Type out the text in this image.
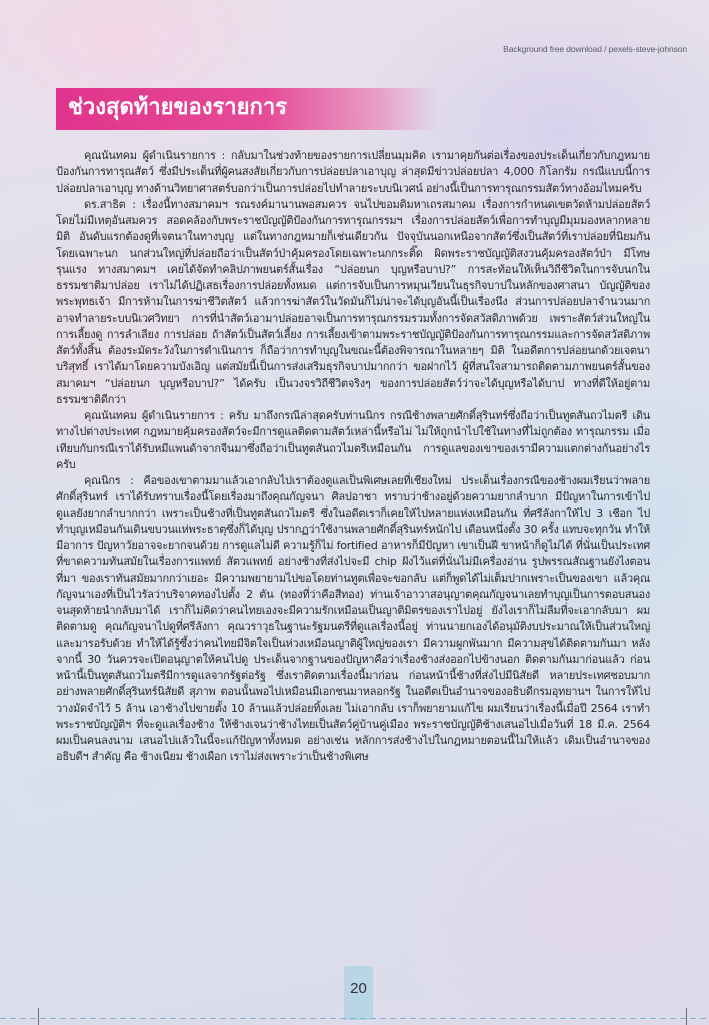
Background free download / pexels-steve-johnson
ช่วงสุดท้ายของรายการ

คุณนันทคม ผู้ดำเนินรายการ : กลับมาในช่วงท้ายของรายการเปลี่ยนมุมคิด เรามาคุยกันต่อเรื่องของประเด็นเกี่ยวกับกฎหมายป้องกันการทารุณสัตว์ ซึ่งมีประเด็นที่ผู้คนสงสัยเกี่ยวกับการปล่อยปลาเอาบุญ ล่าสุดมีข่าวปล่อยปลา 4,000 กิโลกรัม กรณีแบบนี้การปล่อยปลาเอาบุญ ทางด้านวิทยาศาสตร์บอกว่าเป็นการปล่อยไปทำลายระบบนิเวศน์ อย่างนี้เป็นการทารุณกรรมสัตว์ทางอ้อมไหมครับ

ดร.สาธิต : เรื่องนี้ทางสมาคมฯ รณรงค์มานานพอสมควร จนไปขอมติมหาเถรสมาคม เรื่องการกำหนดเขตวัดห้ามปล่อยสัตว์โดยไม่มีเหตุอันสมควร สอดคล้องกับพระราชบัญญัติป้องกันการทารุณกรรมฯ เรื่องการปล่อยสัตว์เพื่อการทำบุญมีมุมมองหลากหลายมิติ อันดับแรกต้องดูที่เจตนาในทางบุญ แต่ในทางกฎหมายก็เช่นเดียวกัน ปัจจุบันนอกเหนือจากสัตว์ซึ่งเป็นสัตว์ที่เราปล่อยที่นิยมกันโดยเฉพาะนก นกส่วนใหญ่ที่ปล่อยถือว่าเป็นสัตว์ป่าคุ้มครองโดยเฉพาะนกกระติ๊ด ผิดพระราชบัญญัติสงวนคุ้มครองสัตว์ป่า มีโทษรุนแรง ทางสมาคมฯ เคยได้จัดทำคลิปภาพยนตร์สั้นเรื่อง “ปล่อยนก บุญหรือบาป?” การสะท้อนให้เห็นวิถีชีวิตในการจับนกในธรรมชาติมาปล่อย เราไม่ได้ปฏิเสธเรื่องการปล่อยทั้งหมด แต่การจับเป็นการหมุนเวียนในธุรกิจบาปในหลักของศาสนา บัญญัติของพระพุทธเจ้า มีการห้ามในการฆ่าชีวิตสัตว์ แล้วการฆ่าสัตว์ในวัดมันก็ไม่น่าจะได้บุญอันนี้เป็นเรื่องนึง ส่วนการปล่อยปลาจำนวนมากอาจทำลายระบบนิเวศวิทยา การที่นำสัตว์เอามาปล่อยอาจเป็นการทารุณกรรมรวมทั้งการจัดสวัสดิภาพด้วย เพราะสัตว์ส่วนใหญ่ในการเลี้ยงดู การลำเลียง การปล่อย ถ้าสัตว์เป็นสัตว์เลี้ยง การเลี้ยงเข้าตามพระราชบัญญัติป้องกันการทารุณกรรมและการจัดสวัสดิภาพสัตว์ทั้งสิ้น ต้องระมัดระวังในการดำเนินการ ก็ถือว่าการทำบุญในขณะนี้ต้องพิจารณาในหลายๆ มิติ ในอดีตการปล่อยนกด้วยเจตนาบริสุทธิ์ เราได้มาโดยความบังเอิญ แต่สมัยนี้เป็นการส่งเสริมธุรกิจบาปมากกว่า ขอฝากไว้ ผู้ที่สนใจสามารถติดตามภาพยนตร์สั้นของสมาคมฯ “ปล่อยนก บุญหรือบาป?” ได้ครับ เป็นวงจรวิถีชีวิตจริงๆ ของการปล่อยสัตว์ว่าจะได้บุญหรือได้บาป ทางที่ดีให้อยู่ตามธรรมชาติดีกว่า

คุณนันทคม ผู้ดำเนินรายการ : ครับ มาถึงกรณีล่าสุดครับท่านนิกร กรณีช้างพลายศักดิ์สุรินทร์ซึ่งถือว่าเป็นทูตสันถวไมตรี เดินทางไปต่างประเทศ กฎหมายคุ้มครองสัตว์จะมีการดูแลติดตามสัตว์เหล่านี้หรือไม่ ไม่ให้ถูกนำไปใช้ในทางที่ไม่ถูกต้อง ทารุณกรรม เมื่อเทียบกับกรณีเราได้รับหมีแพนด้าจากจีนมาซึ่งถือว่าเป็นทูตสันถวไมตรีเหมือนกัน การดูแลของเขาของเรามีความแตกต่างกันอย่างไรครับ

คุณนิกร : คือของเขาตามมาแล้วเอากลับไปเราต้องดูแลเป็นพิเศษเลยที่เชียงใหม่ ประเด็นเรื่องกรณีของช้างผมเรียนว่าพลายศักดิ์สุรินทร์ เราได้รับทราบเรื่องนี้โดยเรื่องมาถึงคุณกัญจนา ศิลปอาชา ทราบว่าช้างอยู่ด้วยความยากลำบาก มีปัญหาในการเข้าไปดูแลยังยากลำบากกว่า เพราะเป็นช้างที่เป็นทูตสันถวไมตรี ซึ่งในอดีตเราก็เคยให้ไปหลายแห่งเหมือนกัน ที่ศรีลังกาให้ไป 3 เชือก ไปทำบุญเหมือนกันเดินขบวนแห่พระธาตุซึ่งก็ได้บุญ ปรากฏว่าใช้งานพลายศักดิ์สุรินทร์หนักไป เดือนหนึ่งตั้ง 30 ครั้ง แทบจะทุกวัน ทำให้มีอาการ ปัญหาวัยอาจจะยากจนด้วย การดูแลไม่ดี ความรู้ก็ไม่ fortified อาหารก็มีปัญหา เขาเป็นฝี ขาหน้าก็ดูไม่ได้ ที่นั่นเป็นประเทศที่ขาดความทันสมัยในเรื่องการแพทย์ สัตวแพทย์ อย่างช้างที่ส่งไปจะมี chip ฝังไว้แต่ที่นั่นไม่มีเครื่องอ่าน รูปพรรณสัณฐานยังไงตอนที่มา ของเราทันสมัยมากกว่าเยอะ มีความพยายามไปขอโดยท่านทูตเพื่อจะขอกลับ แต่ก็พูดได้ไม่เต็มปากเพราะเป็นของเขา แล้วคุณกัญจนาเองที่เป็นไวรัลว่าบริจาคทองไปตั้ง 2 ตัน (ทองที่ว่าคือสีทอง) ท่านเจ้าอาวาสอนุญาตคุณกัญจนาเลยทำบุญเป็นการตอบสนอง จนสุดท้ายนำกลับมาได้ เราก็ไม่คิดว่าคนไทยเองจะมีความรักเหมือนเป็นญาติมิตรของเราไปอยู่ ยังไงเราก็ไม่ลืมที่จะเอากลับมา ผมติดตามดู คุณกัญจนาไปดูที่ศรีลังกา คุณวราวุธในฐานะรัฐมนตรีที่ดูแลเรื่องนี้อยู่ ท่านนายกเองได้อนุมัติงบประมาณให้เป็นส่วนใหญ่และมารอรับด้วย ทำให้ได้รู้ซึ้งว่าคนไทยมีจิตใจเป็นห่วงเหมือนญาติผู้ใหญ่ของเรา มีความผูกพันมาก มีความสุขได้ติดตามกันมา หลังจากนี้ 30 วันควรจะเปิดอนุญาตให้คนไปดู ประเด็นจากฐานของปัญหาคือว่าเรื่องช้างส่งออกไปข้างนอก ติดตามกันมาก่อนแล้ว ก่อนหน้านี้เป็นทูตสันถวไมตรีมีการดูแลจากรัฐต่อรัฐ ซึ่งเราติดตามเรื่องนี้มาก่อน ก่อนหน้านี้ช้างที่ส่งไปมีนิสัยดี หลายประเทศชอบมากอย่างพลายศักดิ์สุรินทร์นิสัยดี สุภาพ ตอนนั้นพอไปเหมือนมีเอกชนมาหลอกรัฐ ในอดีตเป็นอำนาจของอธิบดีกรมอุทยานฯ ในการให้ไป วางมัดจำไว้ 5 ล้าน เอาช้างไปขายตั้ง 10 ล้านแล้วปล่อยทิ้งเลย ไม่เอากลับ เราก็พยายามแก้ไข ผมเรียนว่าเรื่องนี้เมื่อปี 2564 เราทำพระราชบัญญัติฯ ที่จะดูแลเรื่องช้าง ให้ช้างเจนว่าช้างไทยเป็นสัตว์คู่บ้านคู่เมือง พระราชบัญญัติช้างเสนอไปเมื่อวันที่ 18 มี.ค. 2564 ผมเป็นคนลงนาม เสนอไปแล้วในนี้จะแก้ปัญหาทั้งหมด อย่างเช่น หลักการส่งช้างไปในกฎหมายตอนนี้ไม่ให้แล้ว เดิมเป็นอำนาจของอธิบดีฯ สำคัญ คือ ช้างเนียม ช้างเผือก เราไม่ส่งเพราะว่าเป็นช้างพิเศษ

20
